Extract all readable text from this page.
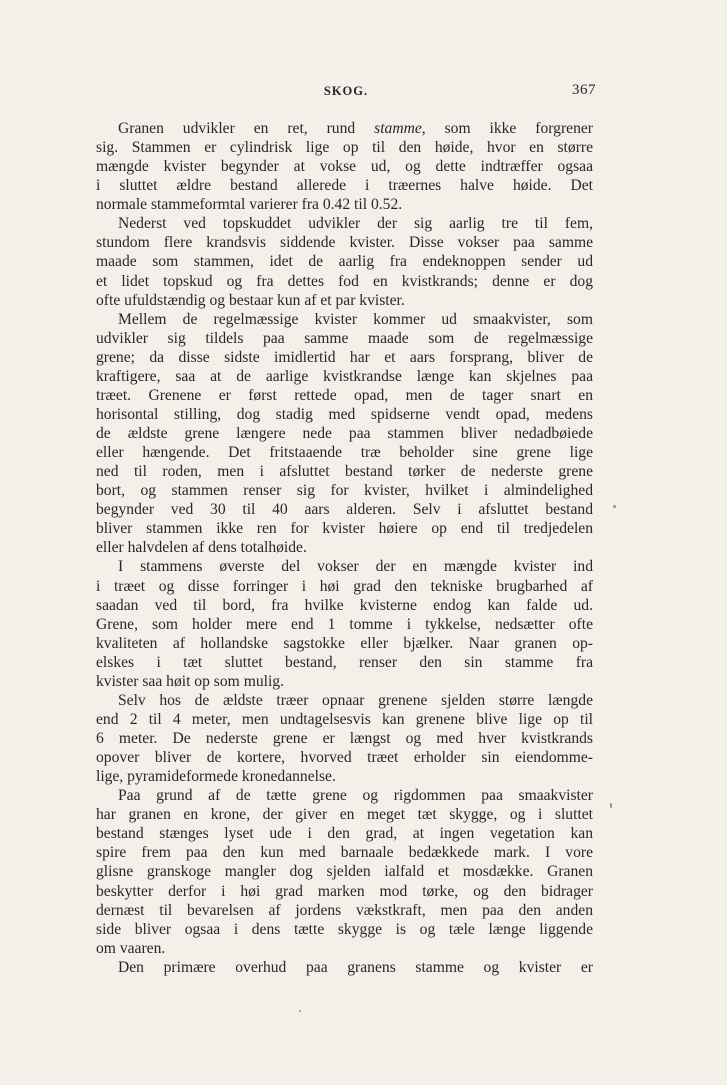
SKOG.	367
Granen udvikler en ret, rund stamme, som ikke forgrener
sig. Stammen er cylindrisk lige op til den høide, hvor en større
mængde kvister begynder at vokse ud, og dette indtræffer ogsaa
i sluttet ældre bestand allerede i træernes halve høide. Det
normale stammeformtal varierer fra 0.42 til 0.52.
Nederst ved topskuddet udvikler der sig aarlig tre til fem,
stundom flere krandsvis siddende kvister. Disse vokser paa samme
maade som stammen, idet de aarlig fra endeknoppen sender ud
et lidet topskud og fra dettes fod en kvistkrands; denne er dog
ofte ufuldstændig og bestaar kun af et par kvister.
Mellem de regelmæssige kvister kommer ud smaakvister, som
udvikler sig tildels paa samme maade som de regelmæssige
grene; da disse sidste imidlertid har et aars forsprang, bliver de
kraftigere, saa at de aarlige kvistkrandse længe kan skjelnes paa
træet. Grenene er først rettede opad, men de tager snart en
horisontal stilling, dog stadig med spidserne vendt opad, medens
de ældste grene længere nede paa stammen bliver nedadbøiede
eller hængende. Det fritstaaende træ beholder sine grene lige
ned til roden, men i afsluttet bestand tørker de nederste grene
bort, og stammen renser sig for kvister, hvilket i almindelighed
begynder ved 30 til 40 aars alderen. Selv i afsluttet bestand
bliver stammen ikke ren for kvister høiere op end til tredjedelen
eller halvdelen af dens totalhøide.
I stammens øverste del vokser der en mængde kvister ind
i træet og disse forringer i høi grad den tekniske brugbarhed af
saadan ved til bord, fra hvilke kvisterne endog kan falde ud.
Grene, som holder mere end 1 tomme i tykkelse, nedsætter ofte
kvaliteten af hollandske sagstokke eller bjælker. Naar granen op-
elskes i tæt sluttet bestand, renser den sin stamme fra
kvister saa høit op som mulig.
Selv hos de ældste træer opnaar grenene sjelden større længde
end 2 til 4 meter, men undtagelsesvis kan grenene blive lige op til
6 meter. De nederste grene er længst og med hver kvistkrands
opover bliver de kortere, hvorved træet erholder sin eiendomme-
lige, pyramideformede kronedannelse.
Paa grund af de tætte grene og rigdommen paa smaakvister
har granen en krone, der giver en meget tæt skygge, og i sluttet
bestand stænges lyset ude i den grad, at ingen vegetation kan
spire frem paa den kun med barnaale bedækkede mark. I vore
glisne granskoge mangler dog sjelden ialfald et mosdække. Granen
beskytter derfor i høi grad marken mod tørke, og den bidrager
dernæst til bevarelsen af jordens vækstkraft, men paa den anden
side bliver ogsaa i dens tætte skygge is og tæle længe liggende
om vaaren.
Den primære overhud paa granens stamme og kvister er
